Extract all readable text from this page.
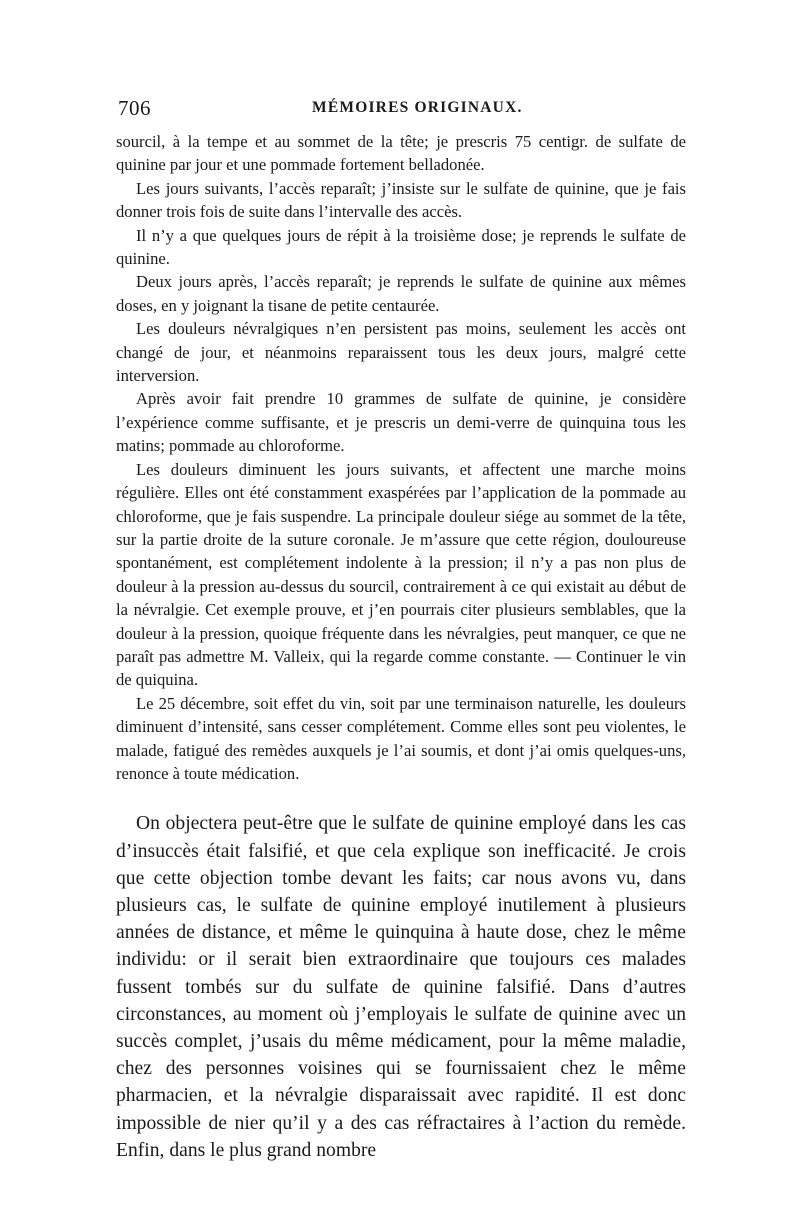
706	MÉMOIRES ORIGINAUX.

sourcil, à la tempe et au sommet de la tête; je prescris 75 centigr. de sulfate de quinine par jour et une pommade fortement belladonée.

Les jours suivants, l’accès reparaît; j’insiste sur le sulfate de quinine, que je fais donner trois fois de suite dans l’intervalle des accès.

Il n’y a que quelques jours de répit à la troisième dose; je reprends le sulfate de quinine.

Deux jours après, l’accès reparaît; je reprends le sulfate de quinine aux mêmes doses, en y joignant la tisane de petite centaurée.

Les douleurs névralgiques n’en persistent pas moins, seulement les accès ont changé de jour, et néanmoins reparaissent tous les deux jours, malgré cette interversion.

Après avoir fait prendre 10 grammes de sulfate de quinine, je considère l’expérience comme suffisante, et je prescris un demi-verre de quinquina tous les matins; pommade au chloroforme.

Les douleurs diminuent les jours suivants, et affectent une marche moins régulière. Elles ont été constamment exaspérées par l’application de la pommade au chloroforme, que je fais suspendre. La principale douleur siége au sommet de la tête, sur la partie droite de la suture coronale. Je m’assure que cette région, douloureuse spontanément, est complétement indolente à la pression; il n’y a pas non plus de douleur à la pression au-dessus du sourcil, contrairement à ce qui existait au début de la névralgie. Cet exemple prouve, et j’en pourrais citer plusieurs semblables, que la douleur à la pression, quoique fréquente dans les névralgies, peut manquer, ce que ne paraît pas admettre M. Valleix, qui la regarde comme constante. — Continuer le vin de quiquina.

Le 25 décembre, soit effet du vin, soit par une terminaison naturelle, les douleurs diminuent d’intensité, sans cesser complétement. Comme elles sont peu violentes, le malade, fatigué des remèdes auxquels je l’ai soumis, et dont j’ai omis quelques-uns, renonce à toute médication.

On objectera peut-être que le sulfate de quinine employé dans les cas d’insuccès était falsifié, et que cela explique son inefficacité. Je crois que cette objection tombe devant les faits; car nous avons vu, dans plusieurs cas, le sulfate de quinine employé inutilement à plusieurs années de distance, et même le quinquina à haute dose, chez le même individu: or il serait bien extraordinaire que toujours ces malades fussent tombés sur du sulfate de quinine falsifié. Dans d’autres circonstances, au moment où j’employais le sulfate de quinine avec un succès complet, j’usais du même médicament, pour la même maladie, chez des personnes voisines qui se fournissaient chez le même pharmacien, et la névralgie disparaissait avec rapidité. Il est donc impossible de nier qu’il y a des cas réfractaires à l’action du remède. Enfin, dans le plus grand nombre
